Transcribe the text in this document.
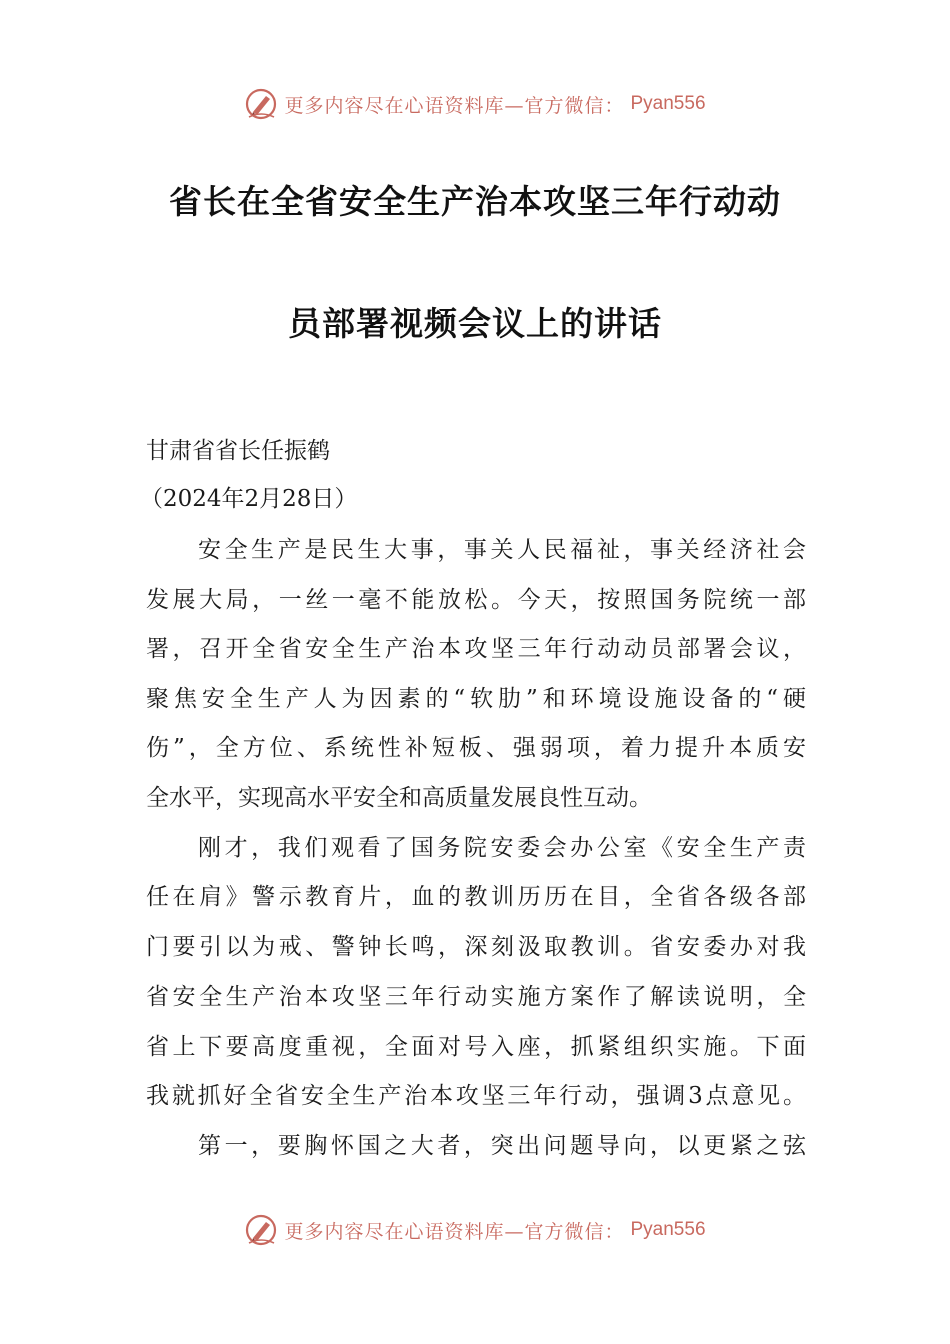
更多内容尽在心语资料库—官方微信： Pyan556
省长在全省安全生产治本攻坚三年行动动
员部署视频会议上的讲话
甘肃省省长任振鹤
（2024年2月28日）
安全生产是民生大事，事关人民福祉，事关经济社会
发展大局，一丝一毫不能放松。今天，按照国务院统一部
署，召开全省安全生产治本攻坚三年行动动员部署会议，
聚焦安全生产人为因素的“软肋”和环境设施设备的“硬
伤”，全方位、系统性补短板、强弱项，着力提升本质安
全水平，实现高水平安全和高质量发展良性互动。
刚才，我们观看了国务院安委会办公室《安全生产责
任在肩》警示教育片，血的教训历历在目，全省各级各部
门要引以为戒、警钟长鸣，深刻汲取教训。省安委办对我
省安全生产治本攻坚三年行动实施方案作了解读说明，全
省上下要高度重视，全面对号入座，抓紧组织实施。下面
我就抓好全省安全生产治本攻坚三年行动，强调3点意见。
第一，要胸怀国之大者，突出问题导向，以更紧之弦
更多内容尽在心语资料库—官方微信： Pyan556
